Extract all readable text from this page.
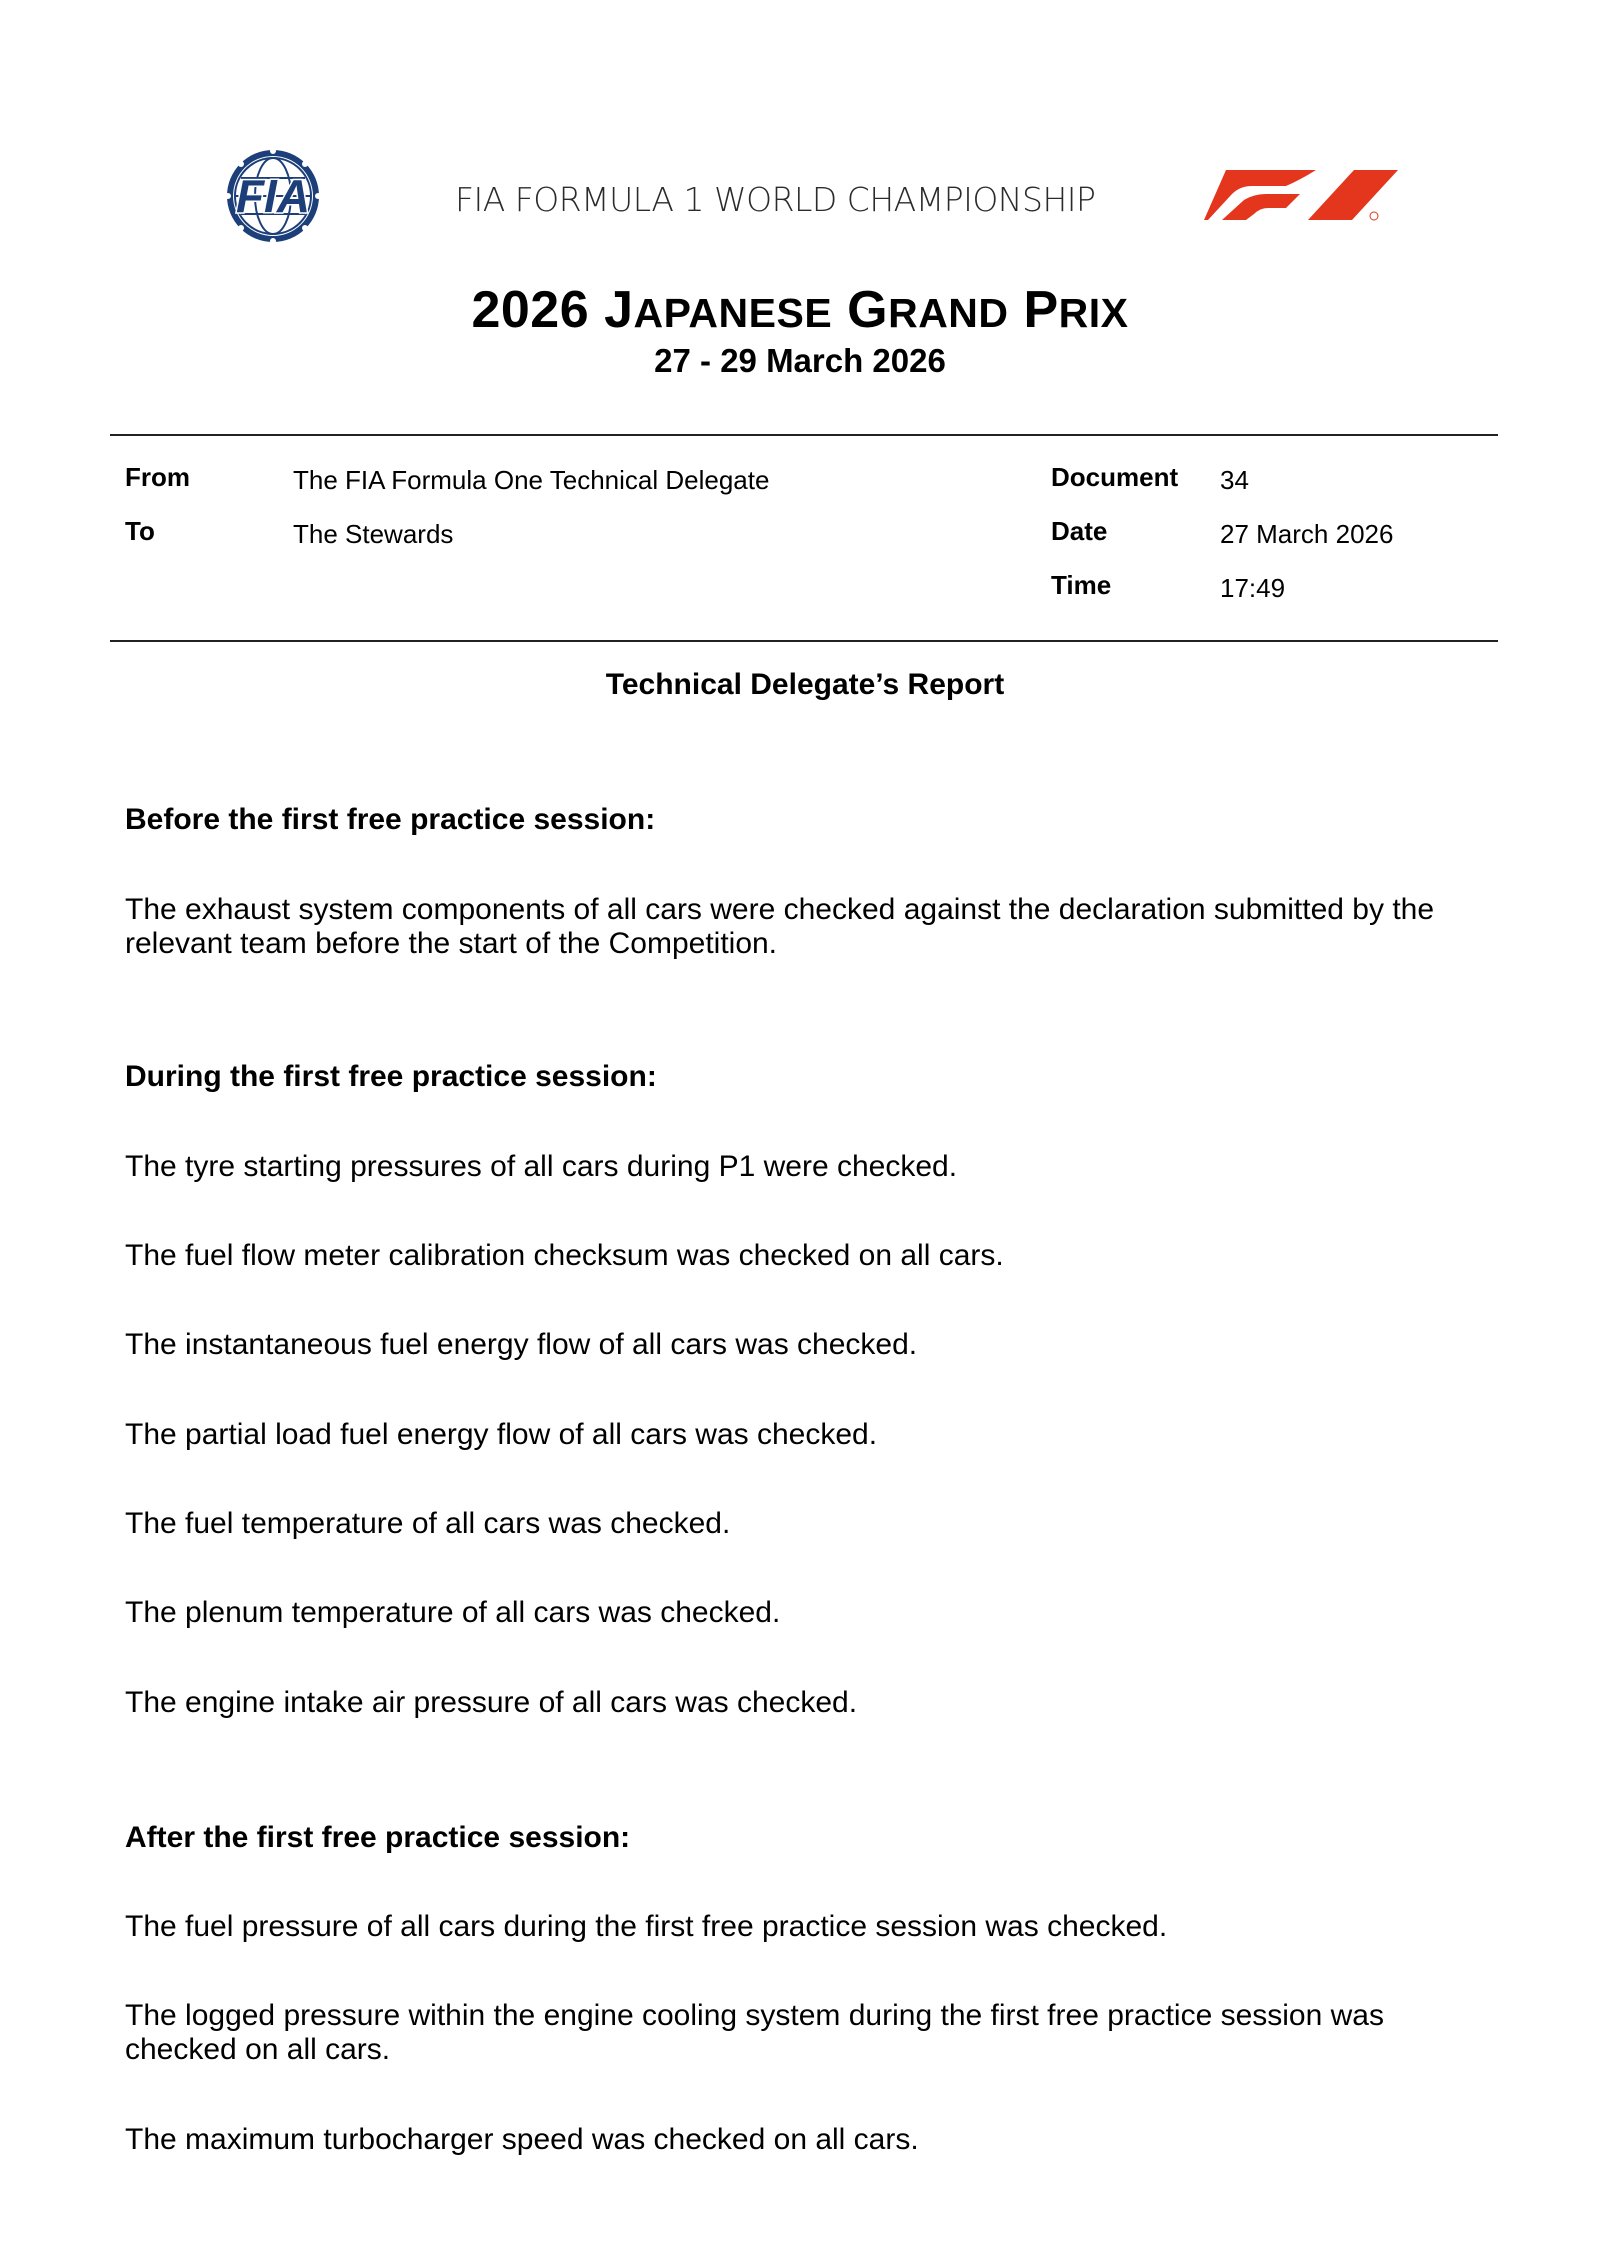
FIA	FIA FORMULA 1 WORLD CHAMPIONSHIP
2026 JAPANESE GRAND PRIX
27 - 29 March 2026
From	The FIA Formula One Technical Delegate
To	The Stewards
Document 34
Date	27 March 2026
Time	17:49
Technical Delegate’s Report
Before the first free practice session:
The exhaust system components of all cars were checked against the declaration submitted by the relevant team before the start of the Competition.
During the first free practice session:
The tyre starting pressures of all cars during P1 were checked.
The fuel flow meter calibration checksum was checked on all cars.
The instantaneous fuel energy flow of all cars was checked.
The partial load fuel energy flow of all cars was checked.
The fuel temperature of all cars was checked.
The plenum temperature of all cars was checked.
The engine intake air pressure of all cars was checked.
After the first free practice session:
The fuel pressure of all cars during the first free practice session was checked.
The logged pressure within the engine cooling system during the first free practice session was checked on all cars.
The maximum turbocharger speed was checked on all cars.
